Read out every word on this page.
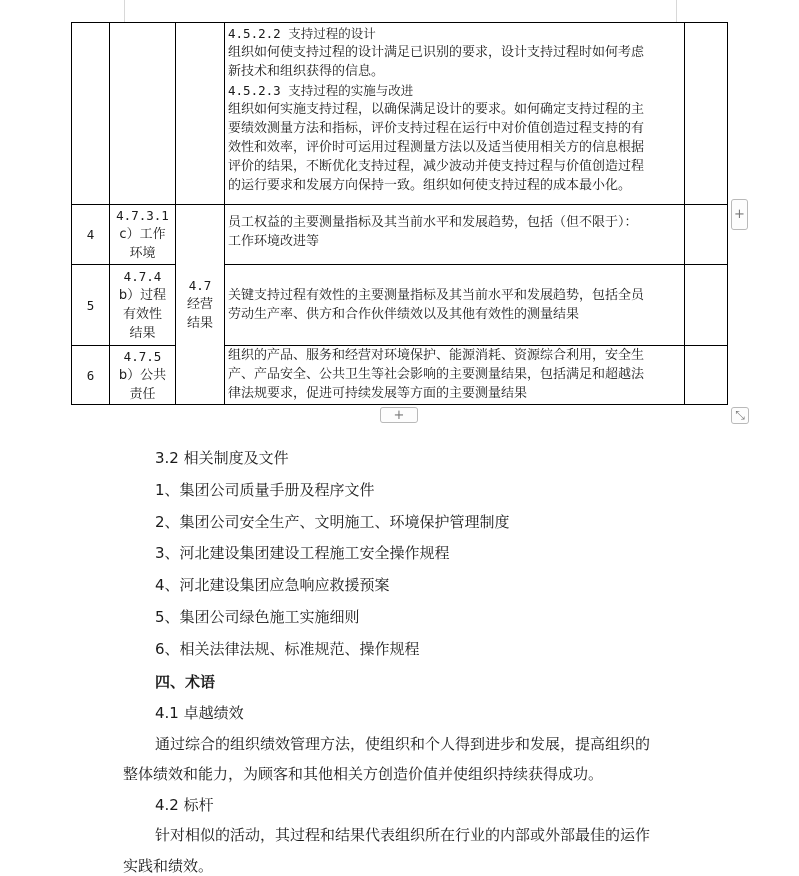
4.5.2.2 支持过程的设计
组织如何使支持过程的设计满足已识别的要求，设计支持过程时如何考虑
新技术和组织获得的信息。
4.5.2.3 支持过程的实施与改进
组织如何实施支持过程，以确保满足设计的要求。如何确定支持过程的主
要绩效测量方法和指标，评价支持过程在运行中对价值创造过程支持的有
效性和效率，评价时可运用过程测量方法以及适当使用相关方的信息根据
评价的结果，不断优化支持过程，减少波动并使支持过程与价值创造过程
的运行要求和发展方向保持一致。组织如何使支持过程的成本最小化。
4.7
经营
结果
4
4.7.3.1
c）工作
环境
员工权益的主要测量指标及其当前水平和发展趋势，包括（但不限于）：
工作环境改进等
5
4.7.4
b）过程
有效性
结果
关键支持过程有效性的主要测量指标及其当前水平和发展趋势，包括全员
劳动生产率、供方和合作伙伴绩效以及其他有效性的测量结果
6
4.7.5
b）公共
责任
组织的产品、服务和经营对环境保护、能源消耗、资源综合利用，安全生
产、产品安全、公共卫生等社会影响的主要测量结果，包括满足和超越法
律法规要求，促进可持续发展等方面的主要测量结果
+
+	⤡
3.2 相关制度及文件
1、集团公司质量手册及程序文件
2、集团公司安全生产、文明施工、环境保护管理制度
3、河北建设集团建设工程施工安全操作规程
4、河北建设集团应急响应救援预案
5、集团公司绿色施工实施细则
6、相关法律法规、标准规范、操作规程
四、术语
4.1 卓越绩效
通过综合的组织绩效管理方法，使组织和个人得到进步和发展，提高组织的
整体绩效和能力，为顾客和其他相关方创造价值并使组织持续获得成功。
4.2 标杆
针对相似的活动，其过程和结果代表组织所在行业的内部或外部最佳的运作
实践和绩效。
